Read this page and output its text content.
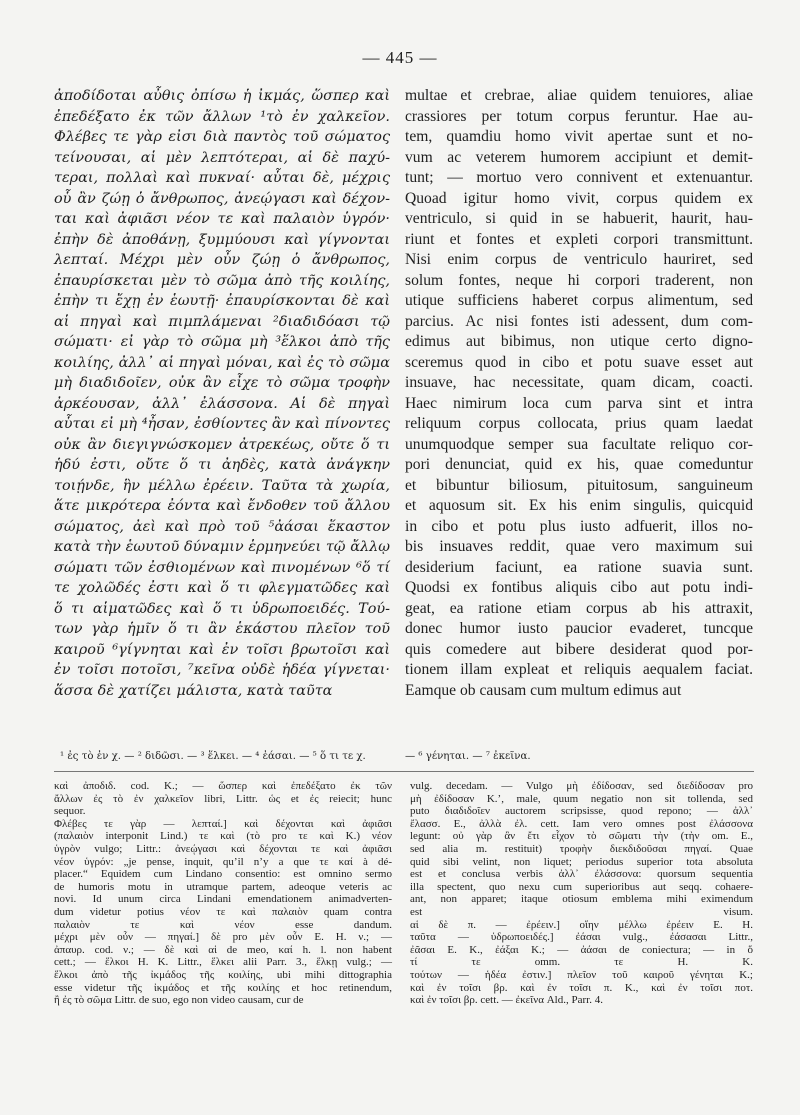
— 445 —
ἀποδίδοται αὖθις ὀπίσω ἡ ἰκμάς, ὥσπερ καὶ
ἐπεδέξατο ἐκ τῶν ἄλλων ¹τὸ ἐν χαλκεῖον.
Φλέβες τε γὰρ εἰσι διὰ παντὸς τοῦ σώματος
τείνουσαι, αἱ μὲν λεπτότεραι, αἱ δὲ παχύ-
τεραι, πολλαὶ καὶ πυκναί· αὗται δὲ, μέχρις
οὗ ἂν ζώῃ ὁ ἄνθρωπος, ἀνεῴγασι καὶ δέχον-
ται καὶ ἀφιᾶσι νέον τε καὶ παλαιὸν ὑγρόν·
ἐπὴν δὲ ἀποθάνῃ, ξυμμύουσι καὶ γίγνονται
λεπταί. Μέχρι μὲν οὖν ζώῃ ὁ ἄνθρωπος,
ἐπαυρίσκεται μὲν τὸ σῶμα ἀπὸ τῆς κοιλίης,
ἐπὴν τι ἔχῃ ἐν ἑωυτῇ· ἐπαυρίσκονται δὲ καὶ
αἱ πηγαὶ καὶ πιμπλάμεναι ²διαδιδόασι τῷ
σώματι· εἰ γὰρ τὸ σῶμα μὴ ³ἕλκοι ἀπὸ τῆς
κοιλίης, ἀλλ᾽ αἱ πηγαὶ μόναι, καὶ ἐς τὸ σῶμα
μὴ διαδιδοῖεν, οὐκ ἂν εἶχε τὸ σῶμα τροφὴν
ἀρκέουσαν, ἀλλ᾽ ἐλάσσονα. Αἱ δὲ πηγαὶ
αὗται εἰ μὴ ⁴ἦσαν, ἐσθίοντες ἂν καὶ πίνοντες
οὐκ ἂν διεγιγνώσκομεν ἀτρεκέως, οὔτε ὅ τι
ἡδύ ἐστι, οὔτε ὅ τι ἀηδὲς, κατὰ ἀνάγκην
τοιῄνδε, ἣν μέλλω ἐρέειν. Ταῦτα τὰ χωρία,
ἅτε μικρότερα ἐόντα καὶ ἔνδοθεν τοῦ ἄλλου
σώματος, ἀεὶ καὶ πρὸ τοῦ ⁵ἀάσαι ἕκαστον
κατὰ τὴν ἑωυτοῦ δύναμιν ἑρμηνεύει τῷ ἄλλῳ
σώματι τῶν ἐσθιομένων καὶ πινομένων ⁶ὅ τί
τε χολῶδές ἐστι καὶ ὅ τι φλεγματῶδες καὶ
ὅ τι αἱματῶδες καὶ ὅ τι ὑδρωποειδές. Τού-
των γὰρ ἡμῖν ὅ τι ἂν ἑκάστου πλεῖον τοῦ
καιροῦ ⁶γίγνηται καὶ ἐν τοῖσι βρωτοῖσι καὶ
ἐν τοῖσι ποτοῖσι, ⁷κεῖνα οὐδὲ ἡδέα γίγνεται·
ἅσσα δὲ χατίζει μάλιστα, κατὰ ταῦτα
multae et crebrae, aliae quidem tenuiores, aliae
crassiores per totum corpus feruntur. Hae au-
tem, quamdiu homo vivit apertae sunt et no-
vum ac veterem humorem accipiunt et demit-
tunt; — mortuo vero connivent et extenuantur.
Quoad igitur homo vivit, corpus quidem ex
ventriculo, si quid in se habuerit, haurit, hau-
riunt et fontes et expleti corpori transmittunt.
Nisi enim corpus de ventriculo hauriret, sed
solum fontes, neque hi corpori traderent, non
utique sufficiens haberet corpus alimentum, sed
parcius. Ac nisi fontes isti adessent, dum com-
edimus aut bibimus, non utique certo digno-
sceremus quod in cibo et potu suave esset aut
insuave, hac necessitate, quam dicam, coacti.
Haec nimirum loca cum parva sint et intra
reliquum corpus collocata, prius quam laedat
unumquodque semper sua facultate reliquo cor-
pori denunciat, quid ex his, quae comeduntur
et bibuntur biliosum, pituitosum, sanguineum
et aquosum sit. Ex his enim singulis, quicquid
in cibo et potu plus iusto adfuerit, illos no-
bis insuaves reddit, quae vero maximum sui
desiderium faciunt, ea ratione suavia sunt.
Quodsi ex fontibus aliquis cibo aut potu indi-
geat, ea ratione etiam corpus ab his attraxit,
donec humor iusto paucior evaderet, tuncque
quis comedere aut bibere desiderat quod por-
tionem illam expleat et reliquis aequalem faciat.
Eamque ob causam cum multum edimus aut
¹ ἐς τὸ ἐν χ. — ² διδῶσι. — ³ ἕλκει. — ⁴ ἐάσαι. — ⁵ ὅ τι τε χ.	— ⁶ γένηται. — ⁷ ἐκεῖνα.
καὶ ἀποδιδ. cod. K.; — ὥσπερ καὶ ἐπεδέξατο ἐκ τῶν
ἄλλων ἐς τὸ ἐν χαλκεῖον libri, Littr. ὡς et ἐς reiecit; hunc
sequor.
Φλέβες τε γὰρ — λεπταί.] καὶ δέχονται καὶ ἀφιᾶσι
(παλαιὸν interponit Lind.) τε καὶ (τὸ pro τε καὶ K.) νέον
ὑγρὸν vulgo; Littr.: ἀνεῴγασι καὶ δέχονται τε καὶ ἀφιᾶσι
νέον ὑγρόν: „je pense, inquit, qu’il n’y a que τε καί à dé-
placer.“ Equidem cum Lindano consentio: est omnino sermo
de humoris motu in utramque partem, adeoque veteris ac
novi. Id unum circa Lindani emendationem animadverten-
dum videtur potius νέον τε καὶ παλαιὸν quam contra
παλαιὸν τε καὶ νέον esse dandum.
μέχρι μὲν οὖν — πηγαί.] δὲ pro μὲν οὖν E. H. ν.; —
ἀπαυρ. cod. ν.; — δὲ καὶ αἱ de meo, καί h. l. non habent
cett.; — ἕλκοι H. K. Littr., ἕλκει alii Parr. 3., ἕλκῃ vulg.; —
ἕλκοι ἀπὸ τῆς ἰκμάδος τῆς κοιλίης, ubi mihi dittographia
esse videtur τῆς ἰκμάδος et τῆς κοιλίης et hoc retinendum,
ἢ ἐς τὸ σῶμα Littr. de suo, ego non video causam, cur de
vulg. decedam. — Vulgo μὴ ἐδίδοσαν, sed διεδίδοσαν pro
μὴ ἐδίδοσαν K.’, male, quum negatio non sit tollenda, sed
puto διαδιδοῖεν auctorem scripsisse, quod repono; — ἀλλ᾽
ἔλασσ. E., ἀλλὰ ἐλ. cett. Iam vero omnes post ἐλάσσονα
legunt: οὐ γὰρ ἂν ἔτι εἶχον τὸ σῶματι τὴν (τὴν om. E.,
sed alia m. restituit) τροφὴν διεκδιδοῦσαι πηγαί. Quae
quid sibi velint, non liquet; periodus superior tota absoluta
est et conclusa verbis ἀλλ᾽ ἐλάσσονα: quorsum sequentia
illa spectent, quo nexu cum superioribus aut seqq. cohaere-
ant, non apparet; itaque otiosum emblema mihi eximendum
est visum.
αἱ δὲ π. — ἐρέειν.] οἵην μέλλω ἐρέειν E. H.
ταῦτα — ὑδρωποειδές.] ἐάσαι vulg., ἐάσασαι Littr.,
ἐᾶσαι E. K., ἐάξαι K.; — ἀάσαι de coniectura; — in ὅ
τί τε omm. τε H. K.
τούτων — ἡδέα ἐστιν.] πλεῖον τοῦ καιροῦ γένηται K.;
καὶ ἐν τοῖσι βρ. καὶ ἐν τοῖσι π. K., καὶ ἐν τοῖσι ποτ.
καὶ ἐν τοῖσι βρ. cett. — ἐκεῖνα Ald., Parr. 4.
